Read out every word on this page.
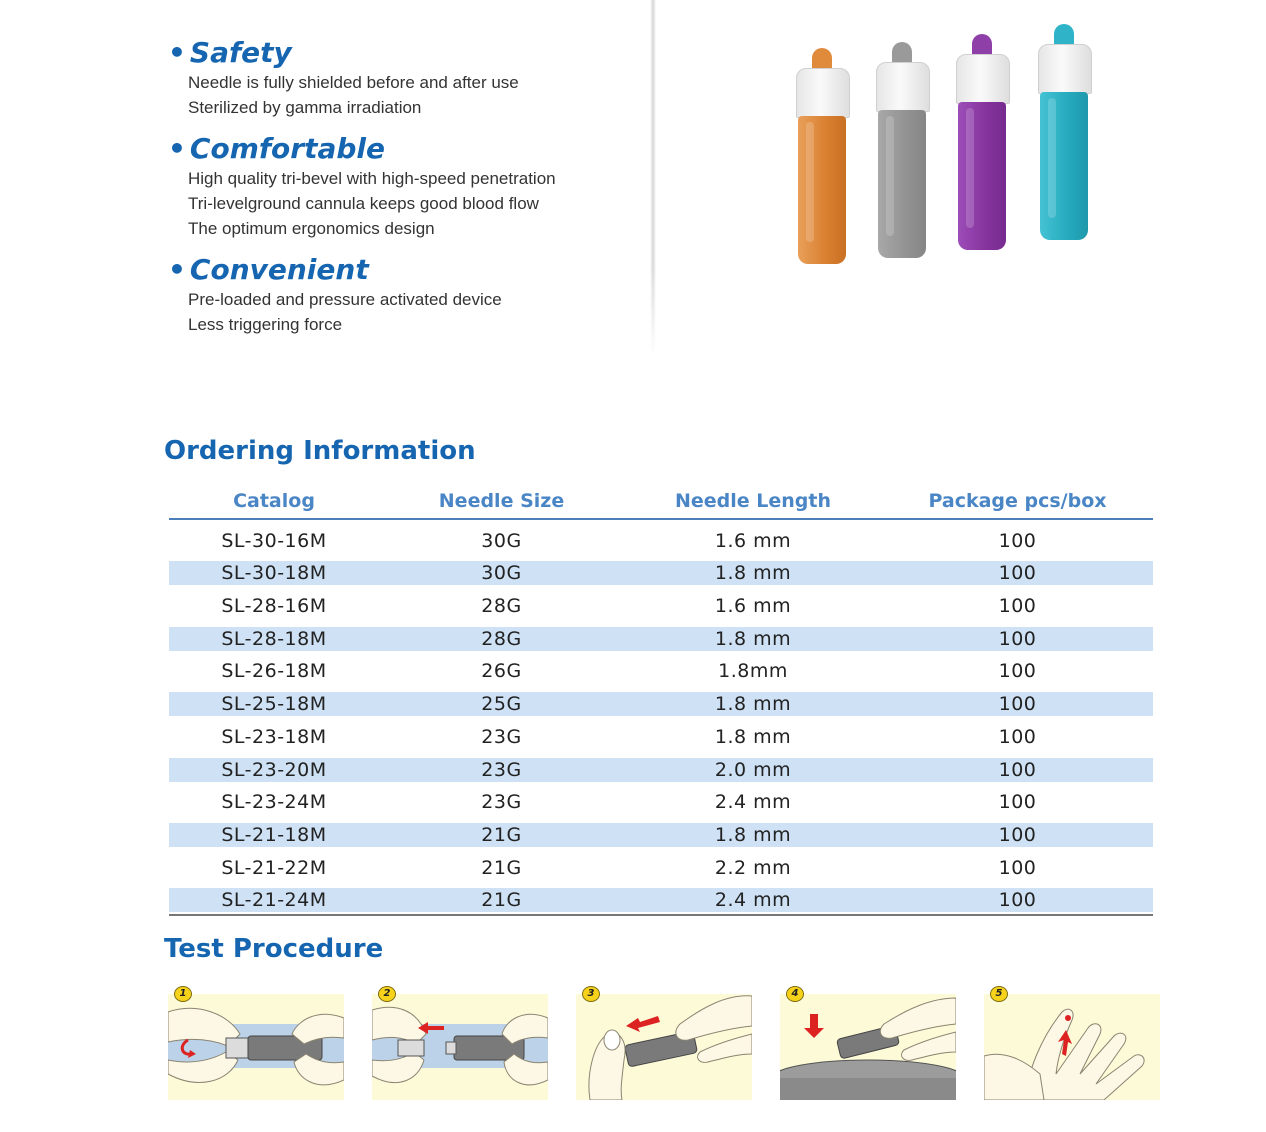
• Safety
Needle is fully shielded before and after use
Sterilized by gamma irradiation
• Comfortable
High quality tri-bevel with high-speed penetration
Tri-levelground cannula keeps good blood flow
The optimum ergonomics design
• Convenient
Pre-loaded and pressure activated device
Less triggering force
Ordering Information
Catalog	Needle Size	Needle Length	Package pcs/box
SL-30-16M	30G	1.6 mm	100
SL-30-18M	30G	1.8 mm	100
SL-28-16M	28G	1.6 mm	100
SL-28-18M	28G	1.8 mm	100
SL-26-18M	26G	1.8mm	100
SL-25-18M	25G	1.8 mm	100
SL-23-18M	23G	1.8 mm	100
SL-23-20M	23G	2.0 mm	100
SL-23-24M	23G	2.4 mm	100
SL-21-18M	21G	1.8 mm	100
SL-21-22M	21G	2.2 mm	100
SL-21-24M	21G	2.4 mm	100
Test Procedure
1	2	3	4	5
